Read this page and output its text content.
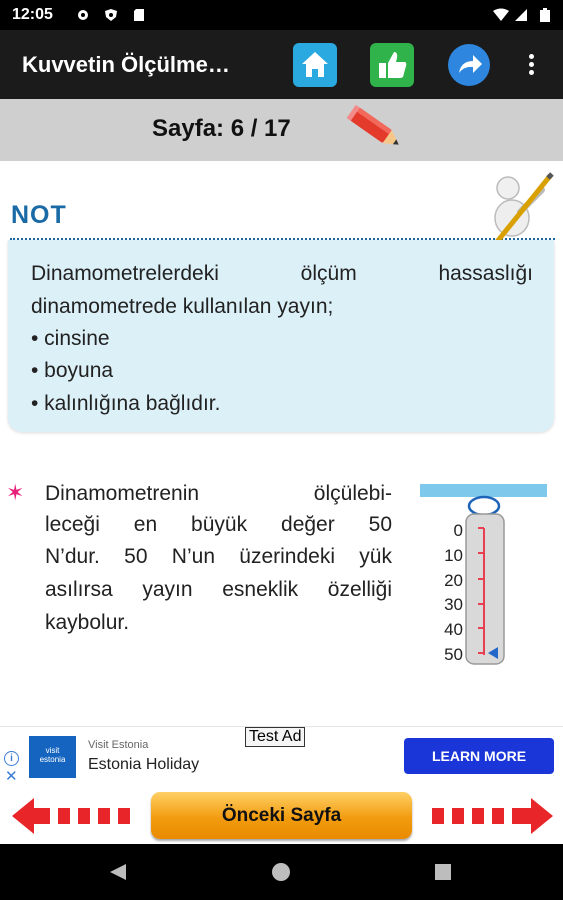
12:05
Kuvvetin Ölçülme…
Sayfa: 6 / 17
NOT
Dinamometrelerdeki ölçüm hassaslığı
dinamometrede kullanılan yayın;
• cinsine
• boyuna
• kalınlığına bağlıdır.
✶ Dinamometrenin ölçülebi-
leceği en büyük değer 50
N’dur. 50 N’un üzerindeki yük
asılırsa yayın esneklik özelliği
kaybolur.
0
10
20
30
40
50
i
✕
visit estonia
Visit Estonia
Estonia Holiday
Test Ad
LEARN MORE
Önceki Sayfa
